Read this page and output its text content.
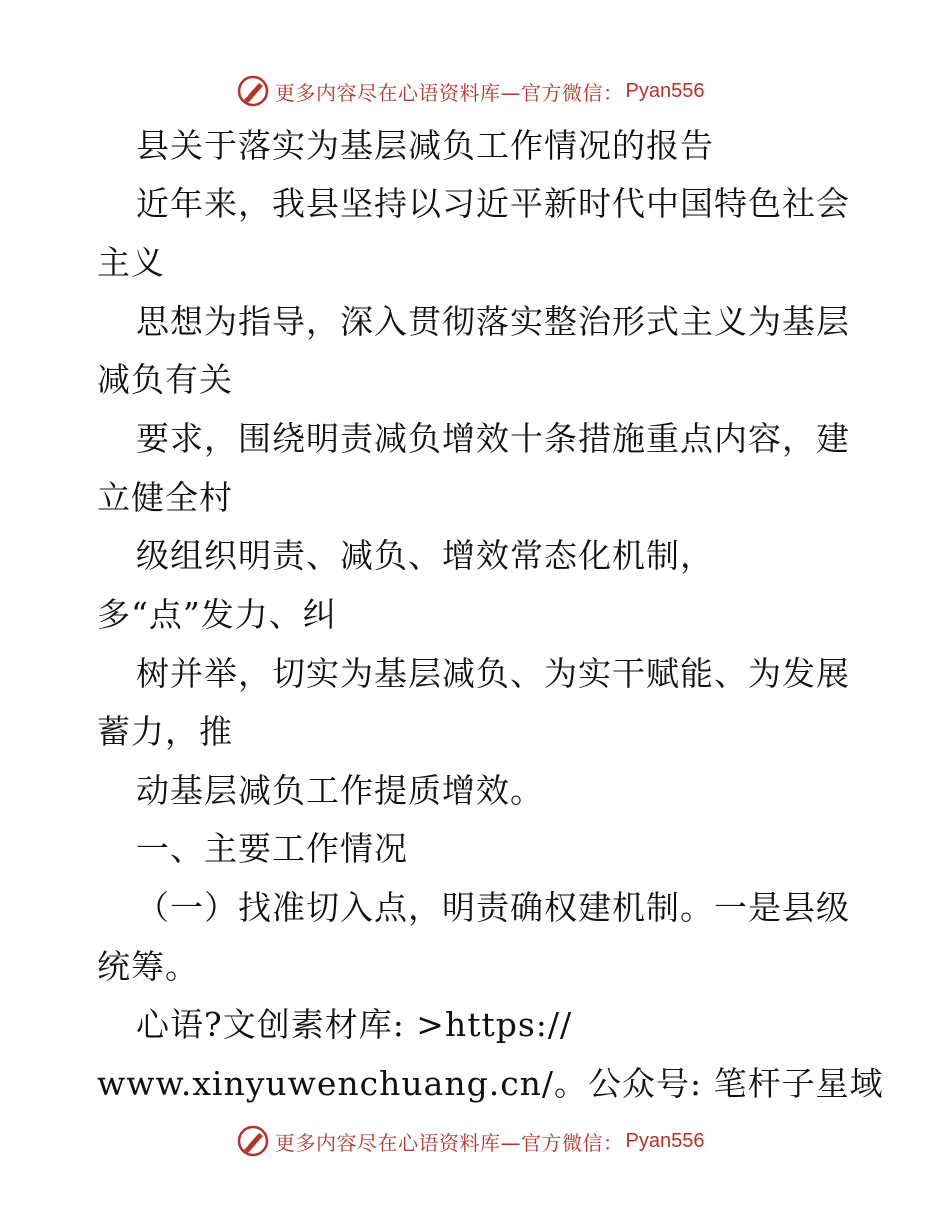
更多内容尽在心语资料库—官方微信： Pyan556
县关于落实为基层减负工作情况的报告
近年来，我县坚持以习近平新时代中国特色社会
主义
思想为指导，深入贯彻落实整治形式主义为基层
减负有关
要求，围绕明责减负增效十条措施重点内容，建
立健全村
级组织明责、减负、增效常态化机制，
多“点”发力、纠
树并举，切实为基层减负、为实干赋能、为发展
蓄力，推
动基层减负工作提质增效。
一、主要工作情况
（一）找准切入点，明责确权建机制。一是县级
统筹。
心语?文创素材库: >https://
www.xinyuwenchuang.cn/。公众号: 笔杆子星域
更多内容尽在心语资料库—官方微信： Pyan556
